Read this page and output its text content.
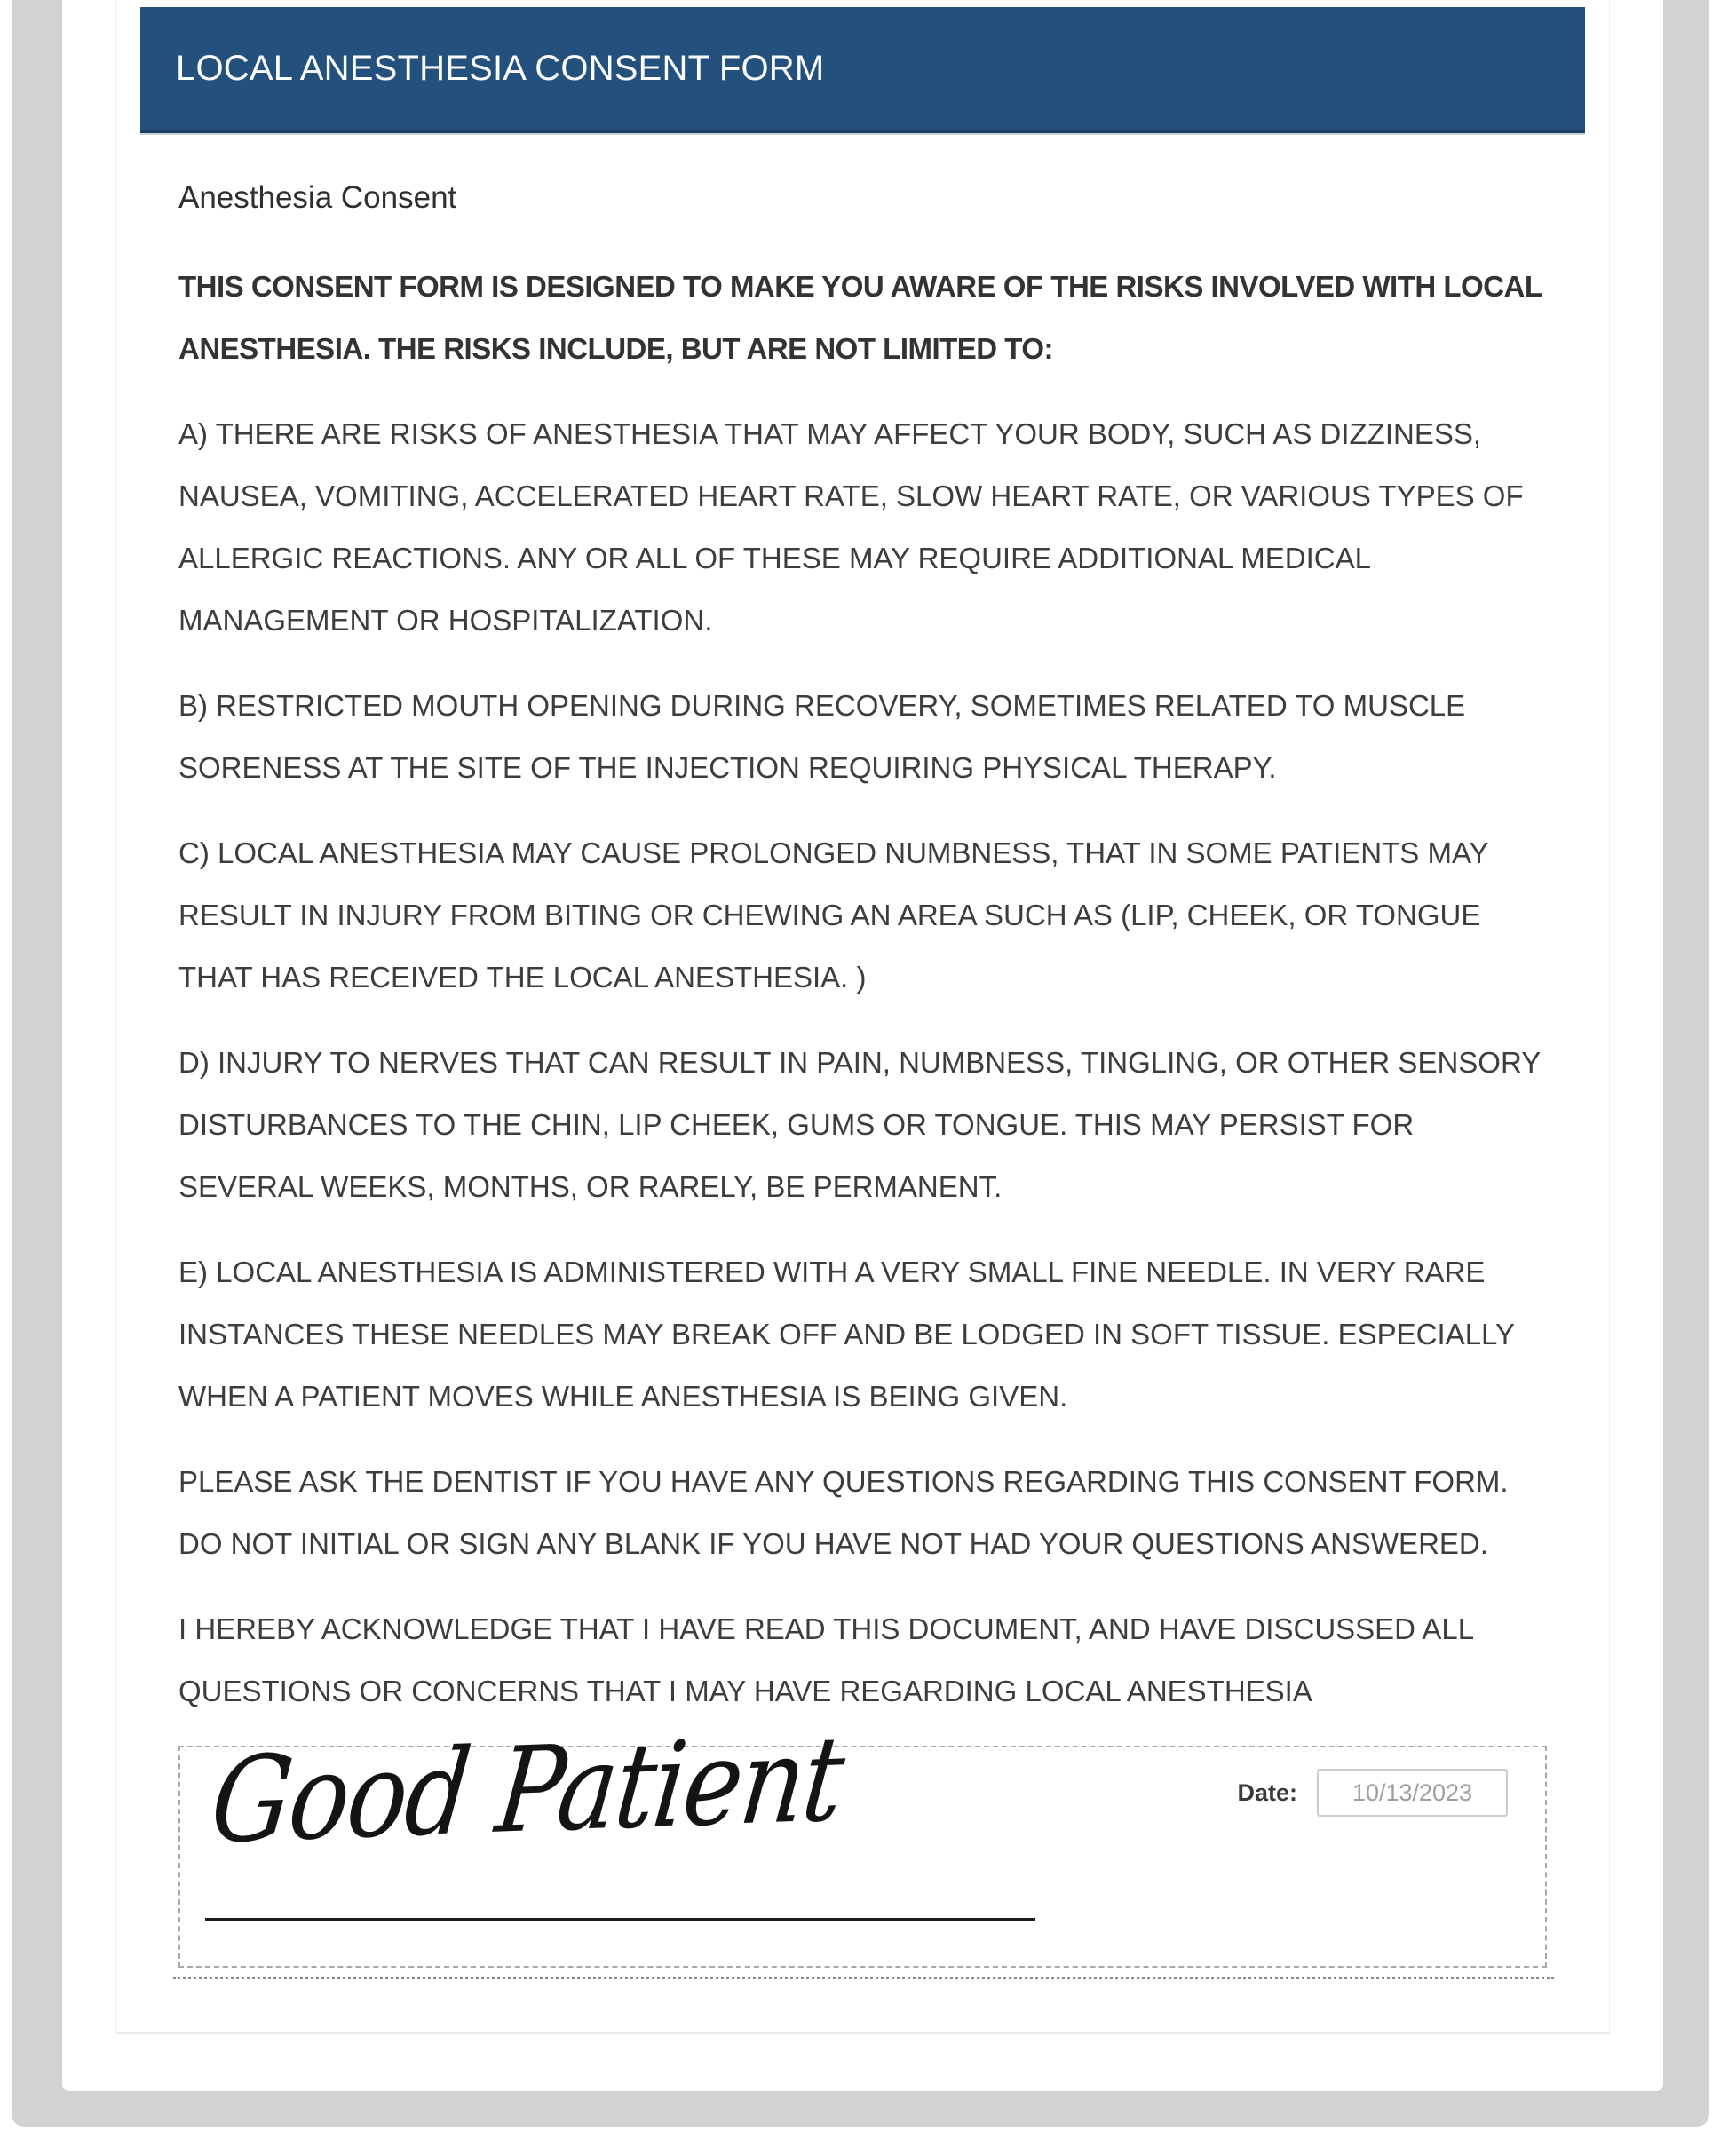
LOCAL ANESTHESIA CONSENT FORM
Anesthesia Consent

THIS CONSENT FORM IS DESIGNED TO MAKE YOU AWARE OF THE RISKS INVOLVED WITH LOCAL ANESTHESIA. THE RISKS INCLUDE, BUT ARE NOT LIMITED TO:

A) THERE ARE RISKS OF ANESTHESIA THAT MAY AFFECT YOUR BODY, SUCH AS DIZZINESS, NAUSEA, VOMITING, ACCELERATED HEART RATE, SLOW HEART RATE, OR VARIOUS TYPES OF ALLERGIC REACTIONS. ANY OR ALL OF THESE MAY REQUIRE ADDITIONAL MEDICAL MANAGEMENT OR HOSPITALIZATION.

B) RESTRICTED MOUTH OPENING DURING RECOVERY, SOMETIMES RELATED TO MUSCLE SORENESS AT THE SITE OF THE INJECTION REQUIRING PHYSICAL THERAPY.

C) LOCAL ANESTHESIA MAY CAUSE PROLONGED NUMBNESS, THAT IN SOME PATIENTS MAY RESULT IN INJURY FROM BITING OR CHEWING AN AREA SUCH AS (LIP, CHEEK, OR TONGUE THAT HAS RECEIVED THE LOCAL ANESTHESIA. )

D) INJURY TO NERVES THAT CAN RESULT IN PAIN, NUMBNESS, TINGLING, OR OTHER SENSORY DISTURBANCES TO THE CHIN, LIP CHEEK, GUMS OR TONGUE. THIS MAY PERSIST FOR SEVERAL WEEKS, MONTHS, OR RARELY, BE PERMANENT.

E) LOCAL ANESTHESIA IS ADMINISTERED WITH A VERY SMALL FINE NEEDLE. IN VERY RARE INSTANCES THESE NEEDLES MAY BREAK OFF AND BE LODGED IN SOFT TISSUE. ESPECIALLY WHEN A PATIENT MOVES WHILE ANESTHESIA IS BEING GIVEN.

PLEASE ASK THE DENTIST IF YOU HAVE ANY QUESTIONS REGARDING THIS CONSENT FORM. DO NOT INITIAL OR SIGN ANY BLANK IF YOU HAVE NOT HAD YOUR QUESTIONS ANSWERED.

I HEREBY ACKNOWLEDGE THAT I HAVE READ THIS DOCUMENT, AND HAVE DISCUSSED ALL QUESTIONS OR CONCERNS THAT I MAY HAVE REGARDING LOCAL ANESTHESIA

Good Patient	Date:
10/13/2023
